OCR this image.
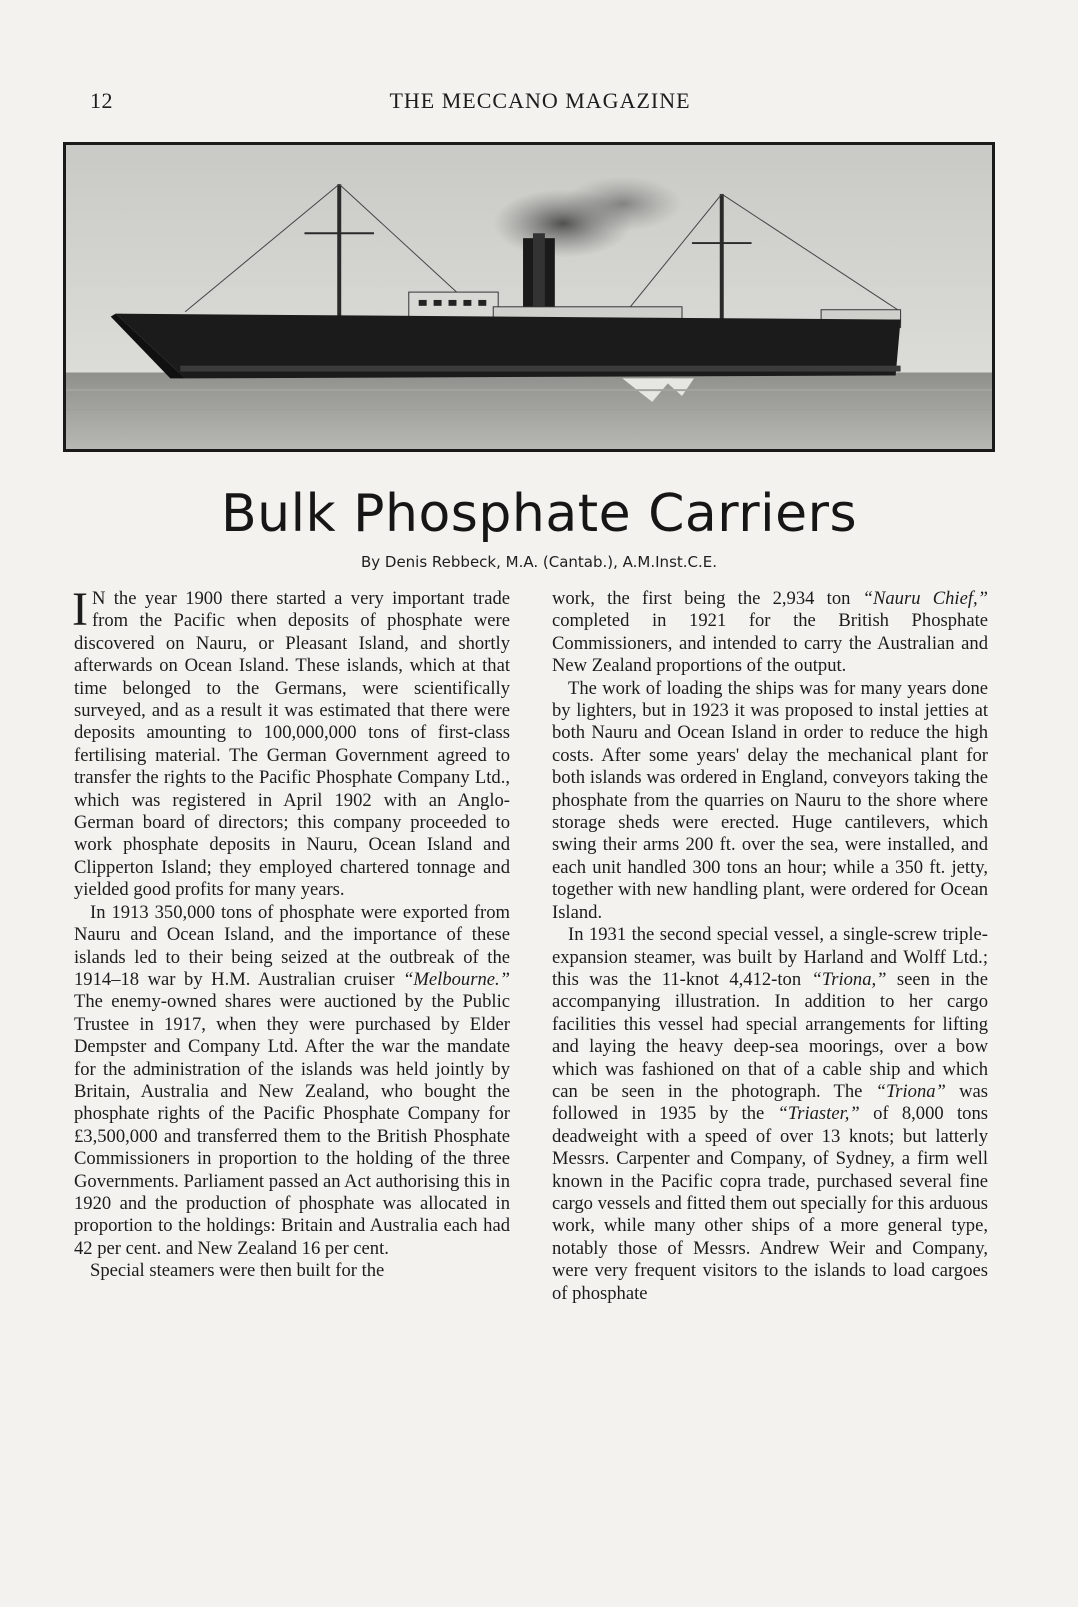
12	THE MECCANO MAGAZINE
Bulk Phosphate Carriers
By Denis Rebbeck, M.A. (Cantab.), A.M.Inst.C.E.

I N the year 1900 there started a very important trade from the Pacific when deposits of phosphate were discovered on Nauru, or Pleasant Island, and shortly afterwards on Ocean Island. These islands, which at that time belonged to the Germans, were scientifically surveyed, and as a result it was estimated that there were deposits amounting to 100,000,000 tons of first-class fertilising material. The German Government agreed to transfer the rights to the Pacific Phosphate Company Ltd., which was registered in April 1902 with an Anglo-German board of directors; this company proceeded to work phosphate deposits in Nauru, Ocean Island and Clipperton Island; they employed chartered tonnage and yielded good profits for many years.

In 1913 350,000 tons of phosphate were exported from Nauru and Ocean Island, and the importance of these islands led to their being seized at the outbreak of the 1914–18 war by H.M. Australian cruiser “Melbourne.” The enemy-owned shares were auctioned by the Public Trustee in 1917, when they were purchased by Elder Dempster and Company Ltd. After the war the mandate for the administration of the islands was held jointly by Britain, Australia and New Zealand, who bought the phosphate rights of the Pacific Phosphate Company for £3,500,000 and transferred them to the British Phosphate Commissioners in proportion to the holding of the three Governments. Parliament passed an Act authorising this in 1920 and the production of phosphate was allocated in proportion to the holdings: Britain and Australia each had 42 per cent. and New Zealand 16 per cent.

Special steamers were then built for the

work, the first being the 2,934 ton “Nauru Chief,” completed in 1921 for the British Phosphate Commissioners, and intended to carry the Australian and New Zealand proportions of the output.

The work of loading the ships was for many years done by lighters, but in 1923 it was proposed to instal jetties at both Nauru and Ocean Island in order to reduce the high costs. After some years' delay the mechanical plant for both islands was ordered in England, conveyors taking the phosphate from the quarries on Nauru to the shore where storage sheds were erected. Huge cantilevers, which swing their arms 200 ft. over the sea, were installed, and each unit handled 300 tons an hour; while a 350 ft. jetty, together with new handling plant, were ordered for Ocean Island.

In 1931 the second special vessel, a single-screw triple-expansion steamer, was built by Harland and Wolff Ltd.; this was the 11-knot 4,412-ton “Triona,” seen in the accompanying illustration. In addition to her cargo facilities this vessel had special arrangements for lifting and laying the heavy deep-sea moorings, over a bow which was fashioned on that of a cable ship and which can be seen in the photograph. The “Triona” was followed in 1935 by the “Triaster,” of 8,000 tons deadweight with a speed of over 13 knots; but latterly Messrs. Carpenter and Company, of Sydney, a firm well known in the Pacific copra trade, purchased several fine cargo vessels and fitted them out specially for this arduous work, while many other ships of a more general type, notably those of Messrs. Andrew Weir and Company, were very frequent visitors to the islands to load cargoes of phosphate
